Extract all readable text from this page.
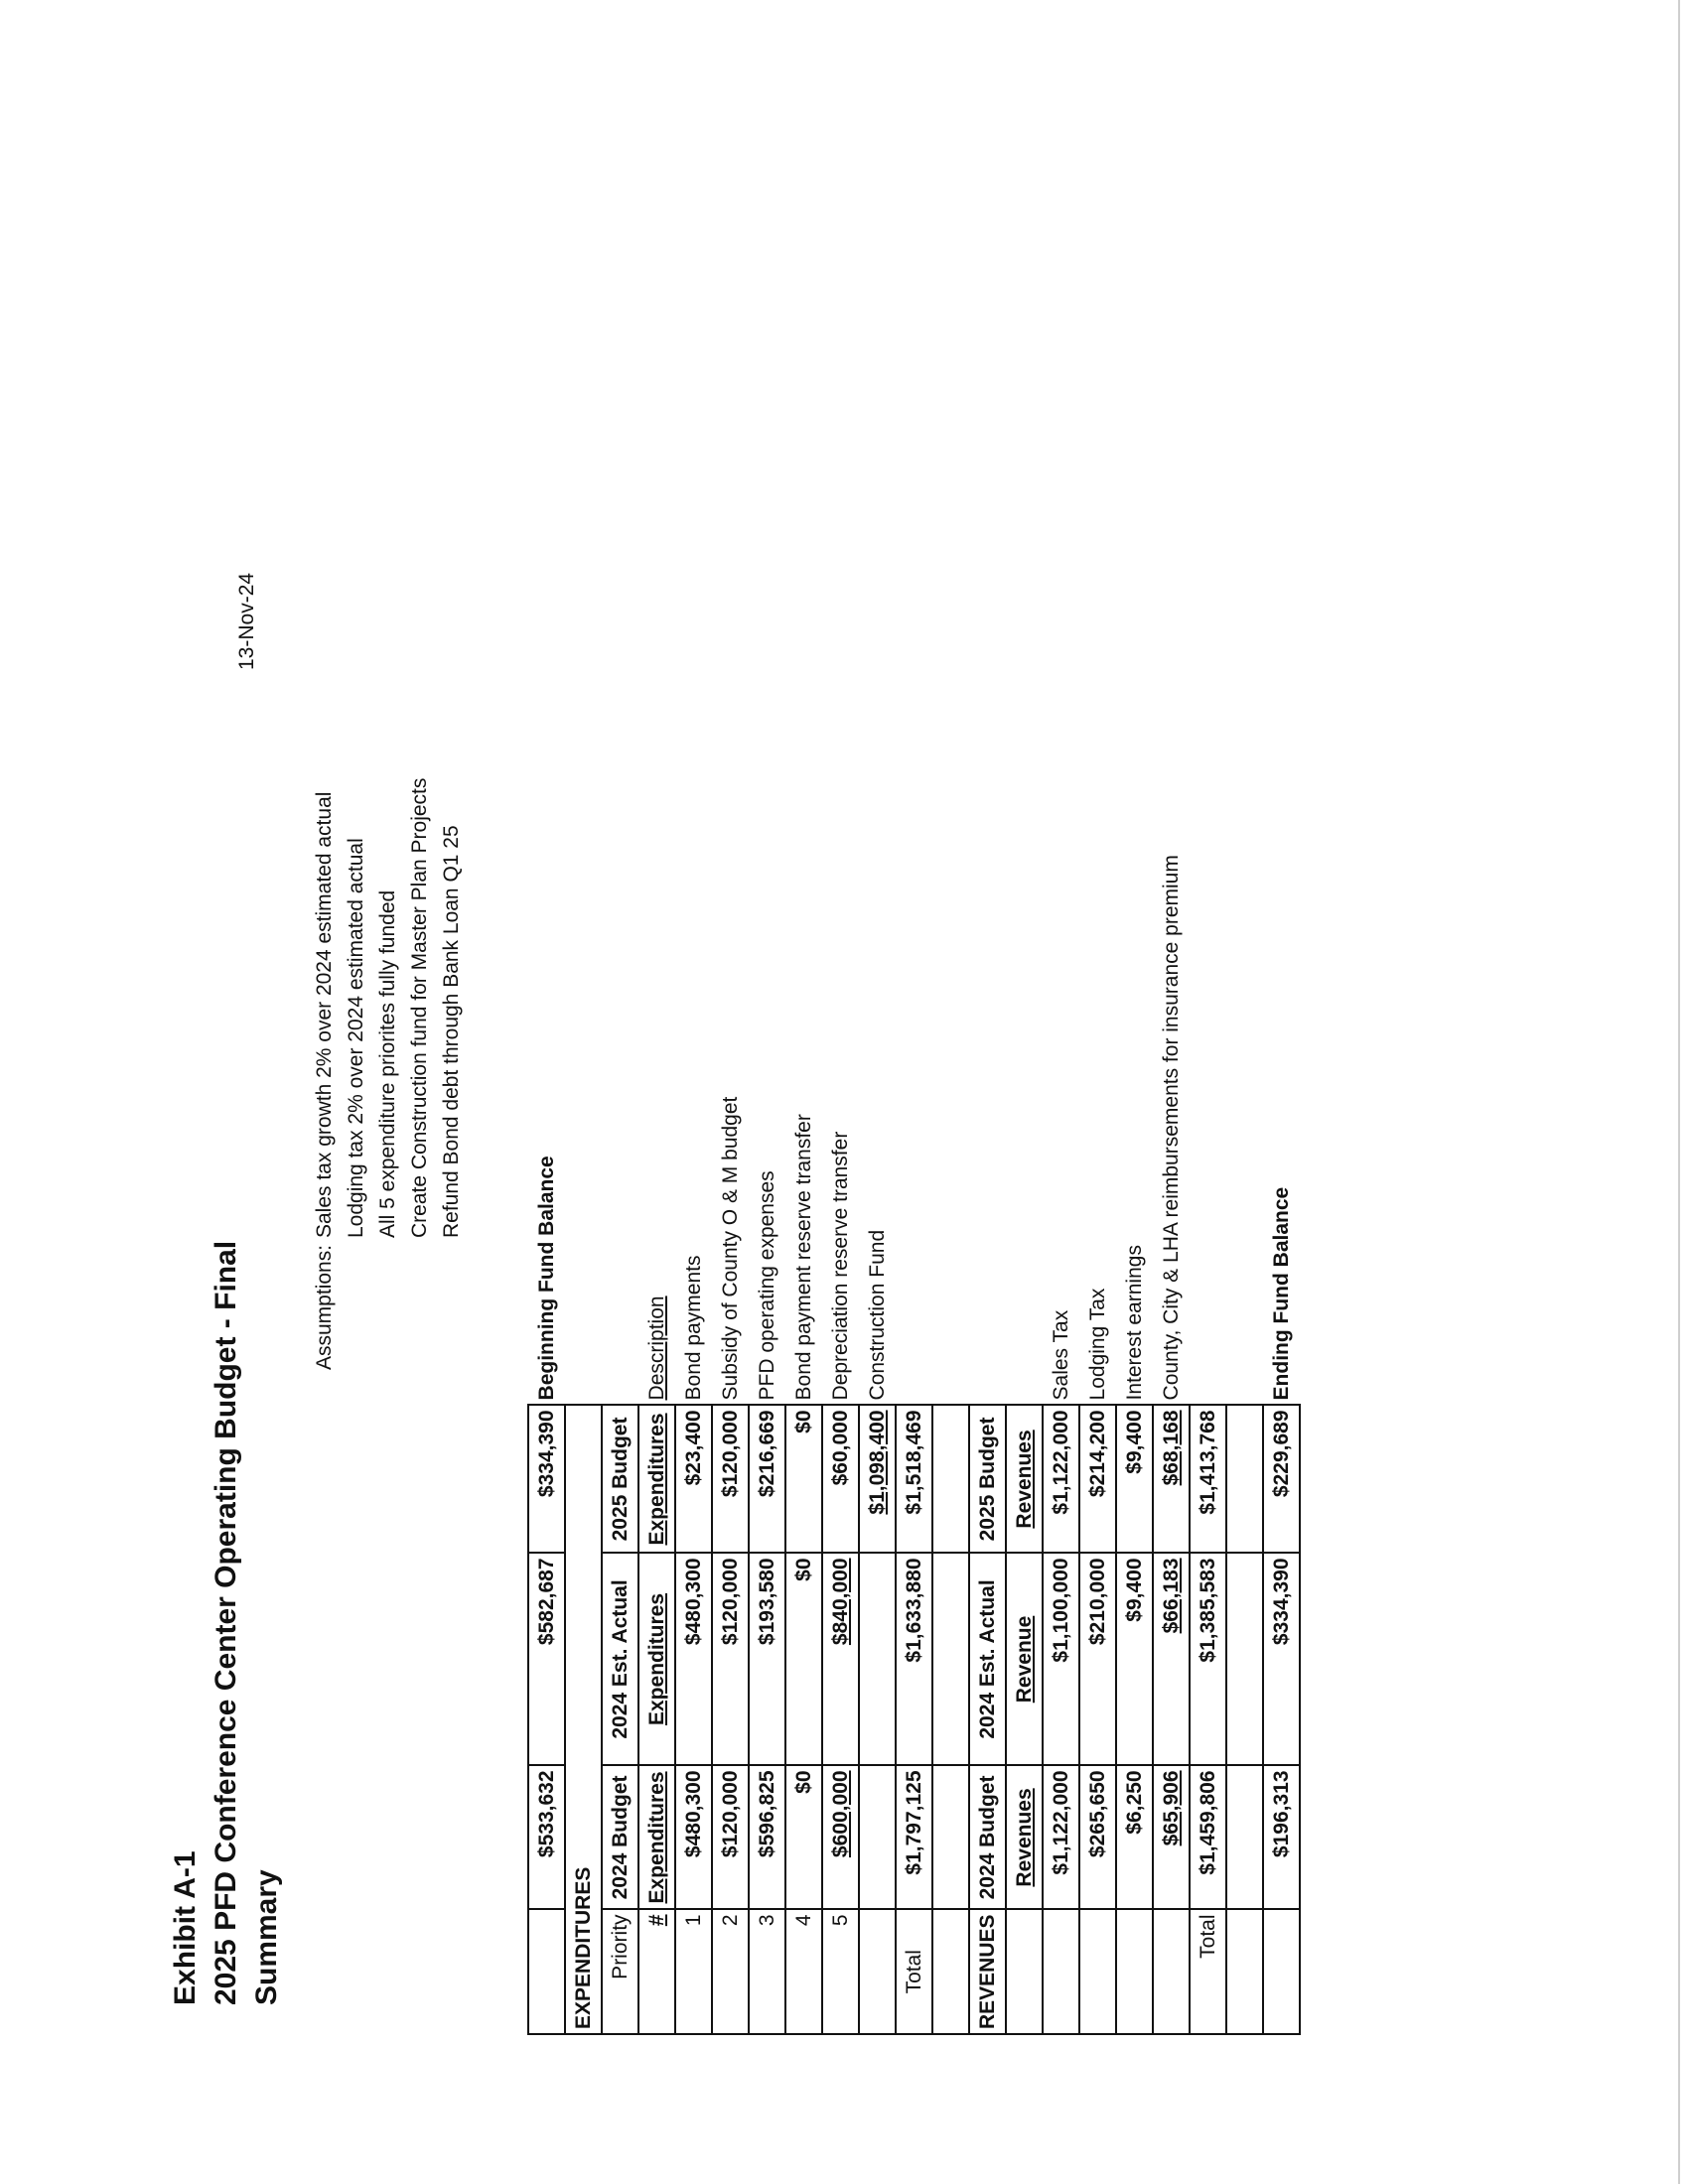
Exhibit A-1 2025 PFD Conference Center Operating Budget - Final Summary
13-Nov-24
Assumptions:
Sales tax growth 2% over 2024 estimated actual Lodging tax 2% over 2024 estimated actual All 5 expenditure priorites fully funded Create Construction fund for Master Plan Projects Refund Bond debt through Bank Loan Q1 25
	$533,632	$582,687	$334,390	Beginning Fund Balance
EXPENDITURES				
Priority	2024 Budget	2024 Est. Actual	2025 Budget	
#	Expenditures	Expenditures	Expenditures	Description
1	$480,300	$480,300	$23,400	Bond payments
2	$120,000	$120,000	$120,000	Subsidy of County O & M budget
3	$596,825	$193,580	$216,669	PFD operating expenses
4	$0	$0	$0	Bond payment reserve transfer
5	$600,000	$840,000	$60,000	Depreciation reserve transfer
			$1,098,400	Construction Fund
Total	$1,797,125	$1,633,880	$1,518,469	

REVENUES	2024 Budget	2024 Est. Actual	2025 Budget	
	Revenues	Revenue	Revenues	
	$1,122,000	$1,100,000	$1,122,000	Sales Tax
	$265,650	$210,000	$214,200	Lodging Tax
	$6,250	$9,400	$9,400	Interest earnings
	$65,906	$66,183	$68,168	County, City & LHA reimbursements for insurance premium
Total	$1,459,806	$1,385,583	$1,413,768	

	$196,313	$334,390	$229,689	Ending Fund Balance
